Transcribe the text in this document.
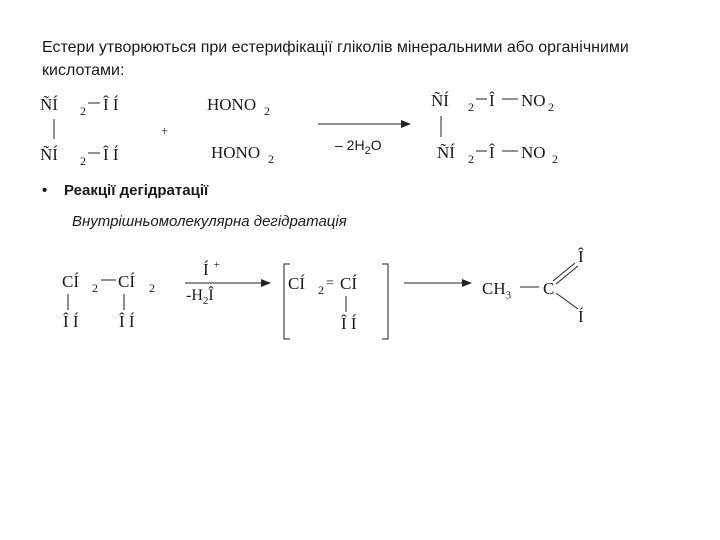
Естери утворюються при естерифікації гліколів мінеральними або органічними кислотами:
ÑÍ 2 Î Í
ÑÍ 2 Î Í
+
HONO 2
HONO 2
– $2H_2O$
ÑÍ 2 Î NO 2
ÑÍ 2 Î NO 2
• Реакції дегідратації
Внутрішньомолекулярна дегідратація
CÍ 2 CÍ 2
Î Í Î Í
Í +
$-H_2Î$
CÍ 2 = CÍ
Î Í
$CH_3$ C
Î
Í
